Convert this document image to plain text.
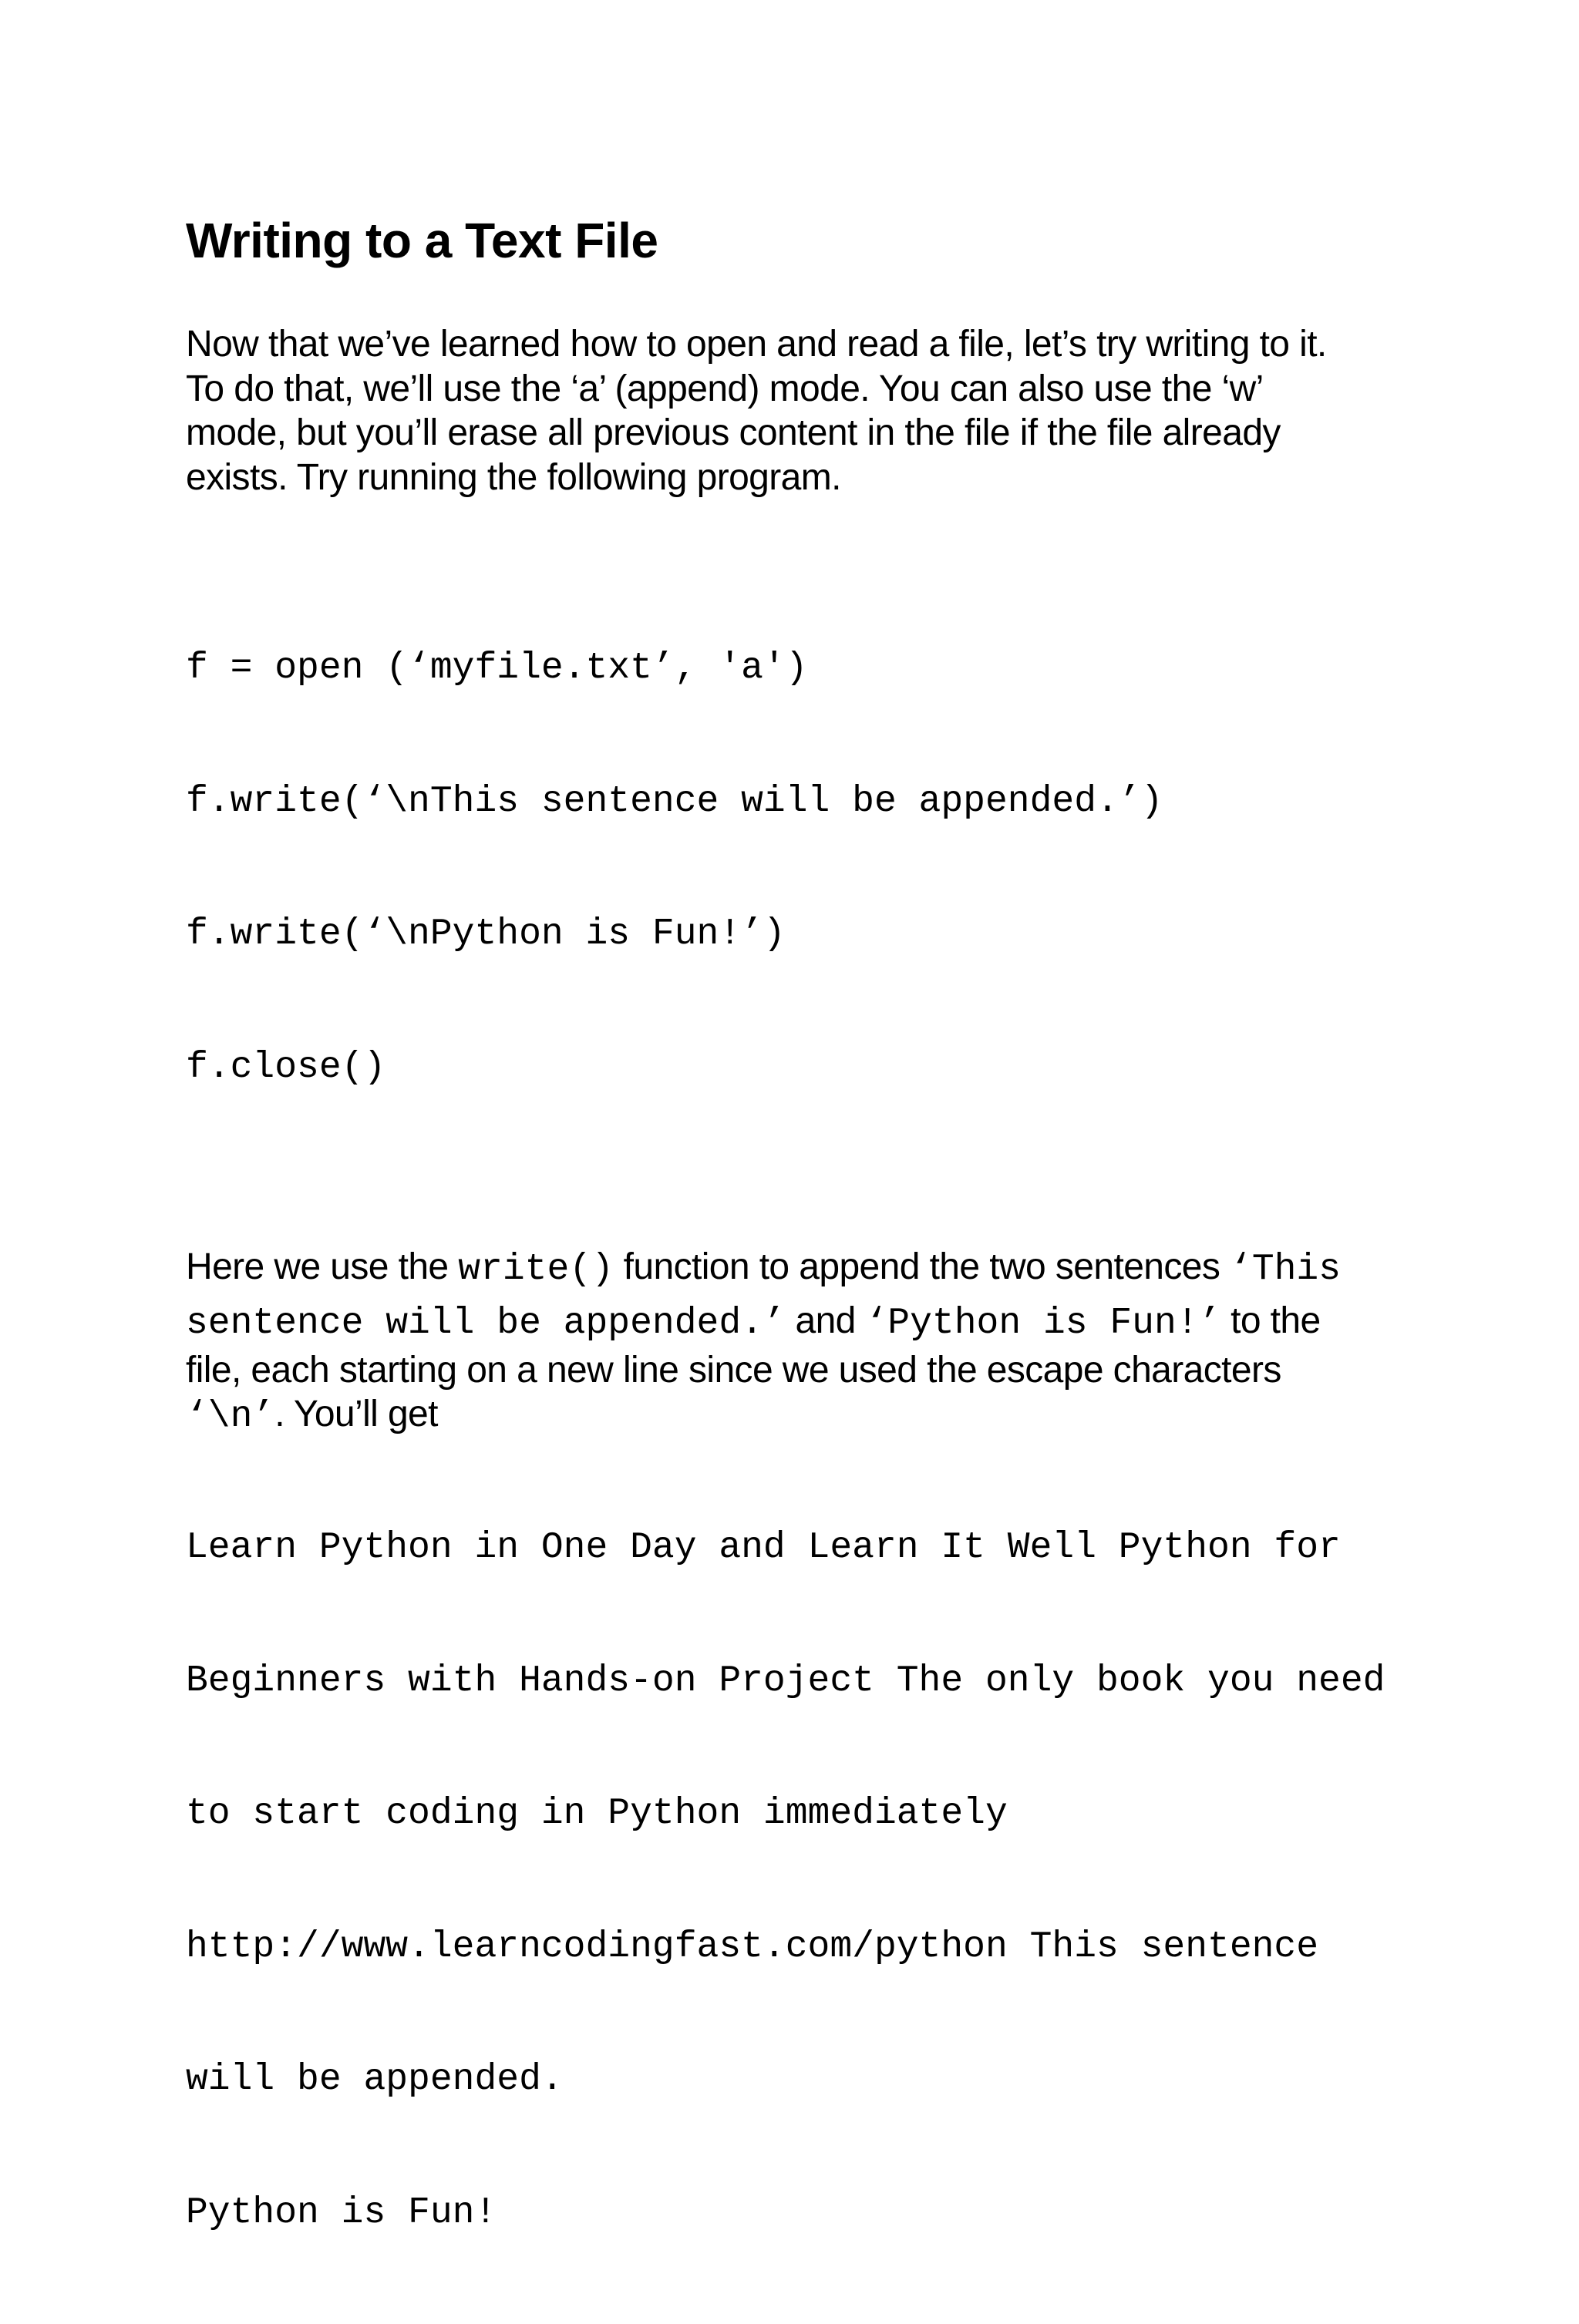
Writing to a Text File

Now that we’ve learned how to open and read a file, let’s try writing to it.
To do that, we’ll use the ‘a’ (append) mode. You can also use the ‘w’
mode, but you’ll erase all previous content in the file if the file already
exists. Try running the following program.

f = open (‘myfile.txt’, 'a')

f.write(‘\nThis sentence will be appended.’)

f.write(‘\nPython is Fun!’)

f.close()

Here we use the write() function to append the two sentences ‘This
sentence will be appended.’ and ‘Python is Fun!’ to the
file, each starting on a new line since we used the escape characters
‘\n’. You’ll get

Learn Python in One Day and Learn It Well Python for

Beginners with Hands-on Project The only book you need

to start coding in Python immediately

http://www.learncodingfast.com/python This sentence

will be appended.

Python is Fun!
